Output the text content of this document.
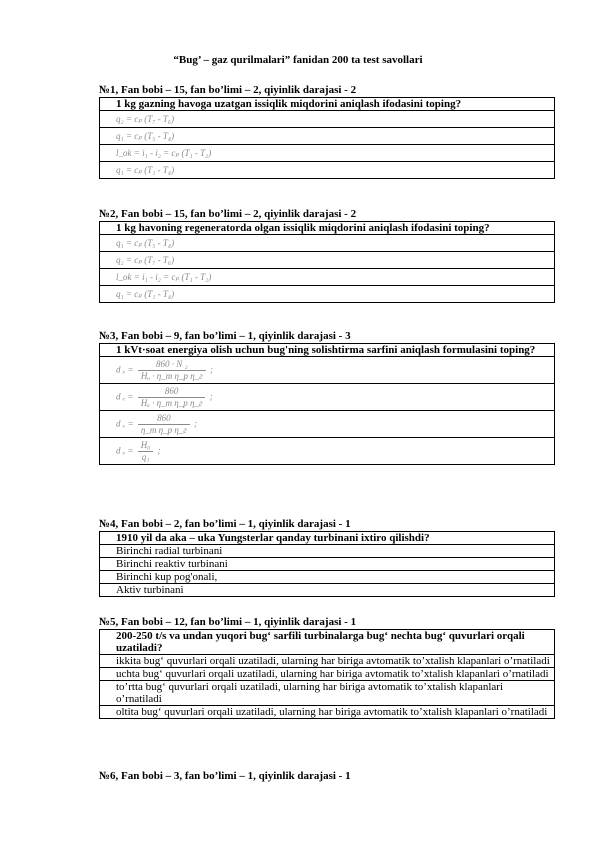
“Bug’ – gaz qurilmalari” fanidan 200 ta test savollari
№1, Fan bobi – 15, fan bo’limi – 2, qiyinlik darajasi - 2
1 kg gazning havoga uzatgan issiqlik miqdorini aniqlash ifodasini toping?
q₂ = cₚ (T₇ - T₆)
q₁ = cₚ (T₅ - T₄)
l_ok = i₁ - i₂ = cₚ (T₁ - T₂)
q₁ = cₚ (T₁ - T₄)
№2, Fan bobi – 15, fan bo’limi – 2, qiyinlik darajasi - 2
1 kg havoning regeneratorda olgan issiqlik miqdorini aniqlash ifodasini toping?
q₁ = cₚ (T₅ - T₄)
q₂ = cₚ (T₇ - T₆)
l_ok = i₁ - i₂ = cₚ (T₁ - T₂)
q₁ = cₚ (T₁ - T₄)
№3, Fan bobi – 9, fan bo’limi – 1, qiyinlik darajasi - 3
1 kVt·soat energiya olish uchun bug'ning solishtirma sarfini aniqlash formulasini toping?
d $_x = \frac{\text{860 · N ₂}}{\text{Hₐ · η\_m η\_p η\_г}}$ ;
d $_e = \frac{860}{\text{Hₐ · η\_m η\_p η\_г}}$ ;
d $_x = \frac{860}{\text{η\_m η\_p η\_г}}$ ;
d $_e = \frac{\text{H₀}}{\text{q₁}}$ ;
№4, Fan bobi – 2, fan bo’limi – 1, qiyinlik darajasi - 1
1910 yil da aka – uka Yungsterlar qanday turbinani ixtiro qilishdi?
Birinchi radial turbinani
Birinchi reaktiv turbinani
Birinchi kup pog'onali,
Aktiv turbinani
№5, Fan bobi – 12, fan bo’limi – 1, qiyinlik darajasi - 1
200-250 t/s va undan yuqori bug‘ sarfili turbinalarga bug‘ nechta bug‘ quvurlari orqali uzatiladi?
ikkita bug‘ quvurlari orqali uzatiladi, ularning har biriga avtomatik to’xtalish klapanlari o’rnatiladi
uchta bug‘ quvurlari orqali uzatiladi, ularning har biriga avtomatik to’xtalish klapanlari o’rnatiladi
to’rtta bug‘ quvurlari orqali uzatiladi, ularning har biriga avtomatik to’xtalish klapanlari o’rnatiladi
oltita bug‘ quvurlari orqali uzatiladi, ularning har biriga avtomatik to’xtalish klapanlari o’rnatiladi
№6, Fan bobi – 3, fan bo’limi – 1, qiyinlik darajasi - 1
